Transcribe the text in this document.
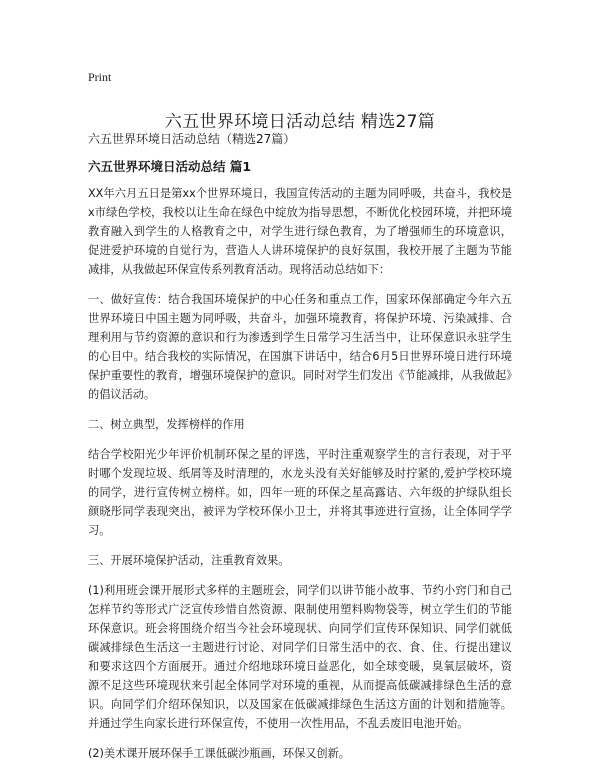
Print
六五世界环境日活动总结 精选27篇
六五世界环境日活动总结（精选27篇）
六五世界环境日活动总结 篇1

XX年六月五日是第xx个世界环境日，我国宣传活动的主题为同呼吸，共奋斗，我校是x市绿色学校，我校以让生命在绿色中绽放为指导思想，不断优化校园环境，并把环境教育融入到学生的人格教育之中，对学生进行绿色教育，为了增强师生的环境意识，促进爱护环境的自觉行为，营造人人讲环境保护的良好氛围，我校开展了主题为节能减排，从我做起环保宣传系列教育活动。现将活动总结如下：

一、做好宣传：结合我国环境保护的中心任务和重点工作，国家环保部确定今年六五世界环境日中国主题为同呼吸，共奋斗，加强环境教育，将保护环境、污染减排、合理利用与节约资源的意识和行为渗透到学生日常学习生活当中，让环保意识永驻学生的心目中。结合我校的实际情况，在国旗下讲话中，结合6月5日世界环境日进行环境保护重要性的教育，增强环境保护的意识。同时对学生们发出《节能减排，从我做起》的倡议活动。

二、树立典型，发挥榜样的作用

结合学校阳光少年评价机制环保之星的评选，平时注重观察学生的言行表现，对于平时哪个发现垃圾、纸屑等及时清理的，水龙头没有关好能够及时拧紧的,爱护学校环境的同学，进行宣传树立榜样。如，四年一班的环保之星高露诘、六年级的护绿队组长颜晓彤同学表现突出，被评为学校环保小卫士，并将其事迹进行宣扬，让全体同学学习。

三、开展环境保护活动，注重教育效果。

(1)利用班会课开展形式多样的主题班会，同学们以讲节能小故事、节约小窍门和自己怎样节约等形式广泛宣传珍惜自然资源、限制使用塑料购物袋等，树立学生们的节能环保意识。班会将围绕介绍当今社会环境现状、向同学们宣传环保知识、同学们就低碳减排绿色生活这一主题进行讨论、对同学们日常生活中的衣、食、住、行提出建议和要求这四个方面展开。通过介绍地球环境日益恶化，如全球变暖，臭氧层破坏，资源不足这些环境现状来引起全体同学对环境的重视，从而提高低碳减排绿色生活的意识。向同学们介绍环保知识，以及国家在低碳减排绿色生活这方面的计划和措施等。并通过学生向家长进行环保宣传，不使用一次性用品，不乱丢废旧电池开始。

(2)美术课开展环保手工课低碳沙瓶画，环保又创新。
